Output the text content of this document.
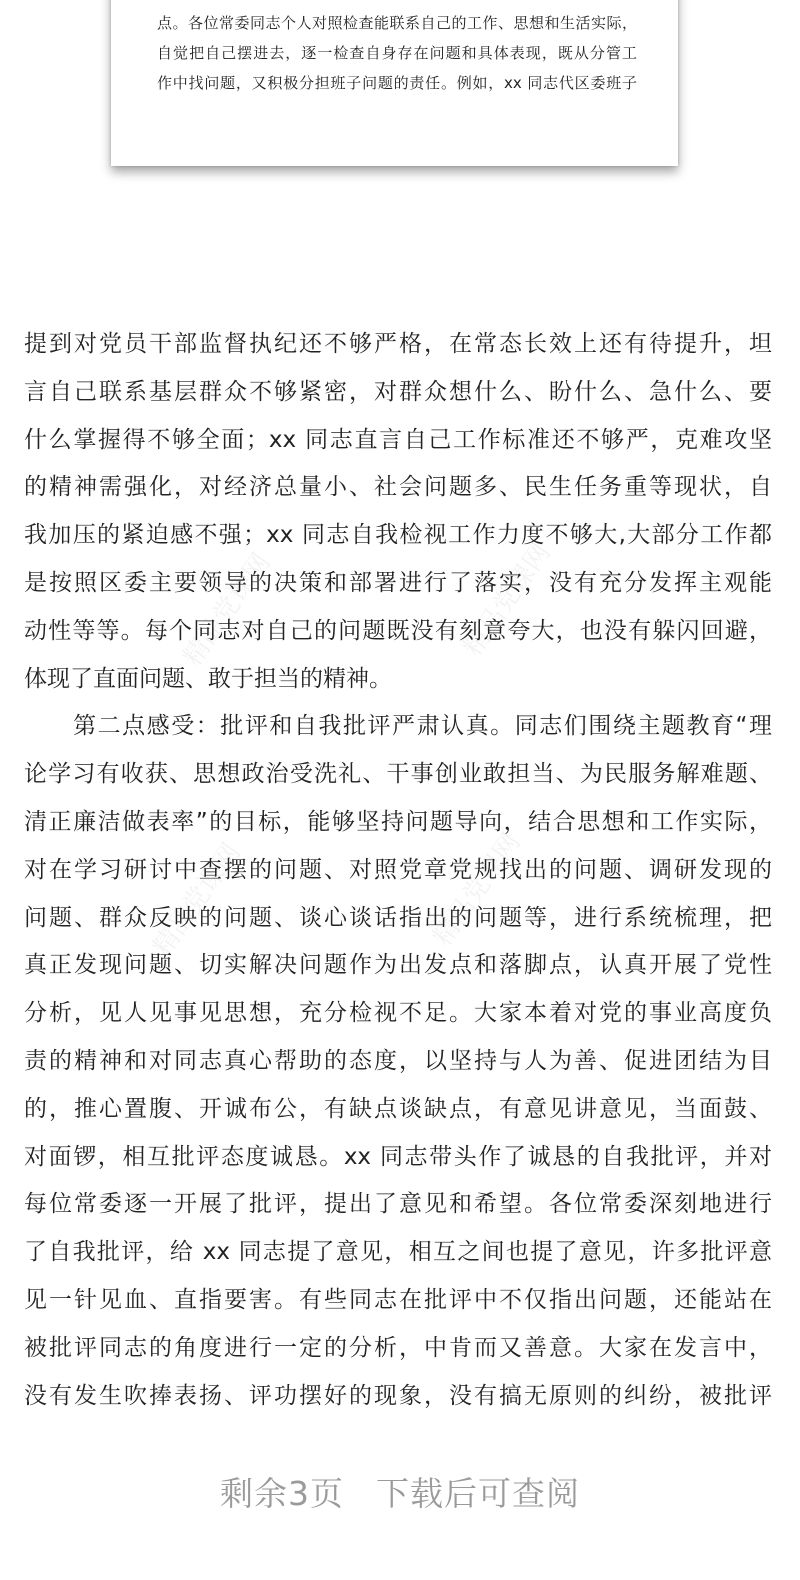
点。各位常委同志个人对照检查能联系自己的工作、思想和生活实际，
自觉把自己摆进去，逐一检查自身存在问题和具体表现，既从分管工
作中找问题，又积极分担班子问题的责任。例如，xx 同志代区委班子
精品党课网	精品党课网
精品党课网	精品党课网
提到对党员干部监督执纪还不够严格，在常态长效上还有待提升，坦
言自己联系基层群众不够紧密，对群众想什么、盼什么、急什么、要
什么掌握得不够全面；xx 同志直言自己工作标准还不够严，克难攻坚
的精神需强化，对经济总量小、社会问题多、民生任务重等现状，自
我加压的紧迫感不强；xx 同志自我检视工作力度不够大,大部分工作都
是按照区委主要领导的决策和部署进行了落实，没有充分发挥主观能
动性等等。每个同志对自己的问题既没有刻意夸大，也没有躲闪回避，
体现了直面问题、敢于担当的精神。
　　第二点感受：批评和自我批评严肃认真。同志们围绕主题教育“理
论学习有收获、思想政治受洗礼、干事创业敢担当、为民服务解难题、
清正廉洁做表率”的目标，能够坚持问题导向，结合思想和工作实际，
对在学习研讨中查摆的问题、对照党章党规找出的问题、调研发现的
问题、群众反映的问题、谈心谈话指出的问题等，进行系统梳理，把
真正发现问题、切实解决问题作为出发点和落脚点，认真开展了党性
分析，见人见事见思想，充分检视不足。大家本着对党的事业高度负
责的精神和对同志真心帮助的态度，以坚持与人为善、促进团结为目
的，推心置腹、开诚布公，有缺点谈缺点，有意见讲意见，当面鼓、
对面锣，相互批评态度诚恳。xx 同志带头作了诚恳的自我批评，并对
每位常委逐一开展了批评，提出了意见和希望。各位常委深刻地进行
了自我批评，给 xx 同志提了意见，相互之间也提了意见，许多批评意
见一针见血、直指要害。有些同志在批评中不仅指出问题，还能站在
被批评同志的角度进行一定的分析，中肯而又善意。大家在发言中，
没有发生吹捧表扬、评功摆好的现象，没有搞无原则的纠纷，被批评
剩余3页 下载后可查阅
